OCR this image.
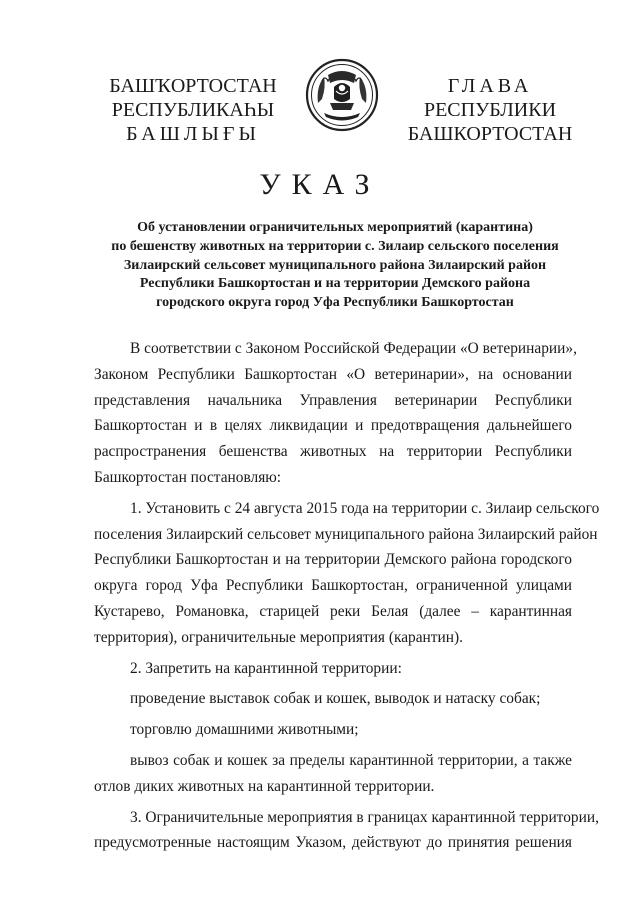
БАШҠОРТОСТАН
РЕСПУБЛИКАҺЫ
БАШЛЫҒЫ
ГЛАВА
РЕСПУБЛИКИ
БАШКОРТОСТАН
УКАЗ
Об установлении ограничительных мероприятий (карантина)
по бешенству животных на территории с. Зилаир сельского поселения
Зилаирский сельсовет муниципального района Зилаирский район
Республики Башкортостан и на территории Демского района
городского округа город Уфа Республики Башкортостан
В соответствии с Законом Российской Федерации «О ветеринарии»,
Законом Республики Башкортостан «О ветеринарии», на основании
представления начальника Управления ветеринарии Республики
Башкортостан и в целях ликвидации и предотвращения дальнейшего
распространения бешенства животных на территории Республики
Башкортостан постановляю:
1. Установить с 24 августа 2015 года на территории с. Зилаир сельского
поселения Зилаирский сельсовет муниципального района Зилаирский район
Республики Башкортостан и на территории Демского района городского
округа город Уфа Республики Башкортостан, ограниченной улицами
Кустарево, Романовка, старицей реки Белая (далее – карантинная
территория), ограничительные мероприятия (карантин).
2. Запретить на карантинной территории:
проведение выставок собак и кошек, выводок и натаску собак;
торговлю домашними животными;
вывоз собак и кошек за пределы карантинной территории, а также
отлов диких животных на карантинной территории.
3. Ограничительные мероприятия в границах карантинной территории,
предусмотренные настоящим Указом, действуют до принятия решения
